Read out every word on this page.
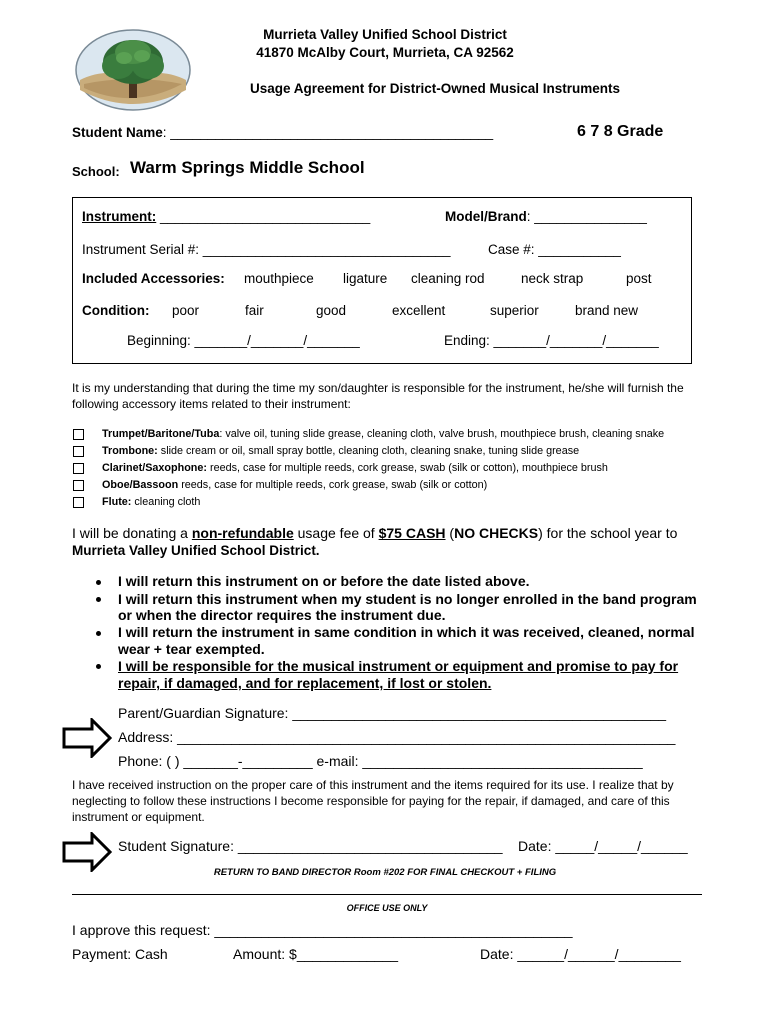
Murrieta Valley Unified School District
41870 McAlby Court, Murrieta, CA 92562
Usage Agreement for District-Owned Musical Instruments
Student Name: ___________________________________________	6 7 8 Grade
School: Warm Springs Middle School
Instrument: ____________________________	Model/Brand: _______________
Instrument Serial #: _________________________________	Case #: ___________
Included Accessories: mouthpiece ligature cleaning rod	neck strap	post
Condition: poor	fair	good	excellent	superior	brand new
Beginning: _______/_______/_______	Ending: _______/_______/_______
It is my understanding that during the time my son/daughter is responsible for the instrument, he/she will furnish the following accessory items related to their instrument:
Trumpet/Baritone/Tuba: valve oil, tuning slide grease, cleaning cloth, valve brush, mouthpiece brush, cleaning snake
Trombone: slide cream or oil, small spray bottle, cleaning cloth, cleaning snake, tuning slide grease
Clarinet/Saxophone: reeds, case for multiple reeds, cork grease, swab (silk or cotton), mouthpiece brush
Oboe/Bassoon reeds, case for multiple reeds, cork grease, swab (silk or cotton)
Flute: cleaning cloth
I will be donating a non-refundable usage fee of $75 CASH (NO CHECKS) for the school year to
Murrieta Valley Unified School District.
I will return this instrument on or before the date listed above.
I will return this instrument when my student is no longer enrolled in the band program
or when the director requires the instrument due.
I will return the instrument in same condition in which it was received, cleaned, normal
wear + tear exempted.
I will be responsible for the musical instrument or equipment and promise to pay for
repair, if damaged, and for replacement, if lost or stolen.
Parent/Guardian Signature: ________________________________________________
Address: ________________________________________________________________
Phone: ( ) _______-_________ e-mail: ____________________________________
I have received instruction on the proper care of this instrument and the items required for its use. I realize that by neglecting to follow these instructions I become responsible for paying for the repair, if damaged, and care of this instrument or equipment.
Student Signature: __________________________________ Date: _____/_____/______
RETURN TO BAND DIRECTOR Room #202 FOR FINAL CHECKOUT + FILING
OFFICE USE ONLY
I approve this request: ______________________________________________
Payment: Cash	Amount: $_____________	Date: ______/______/________
